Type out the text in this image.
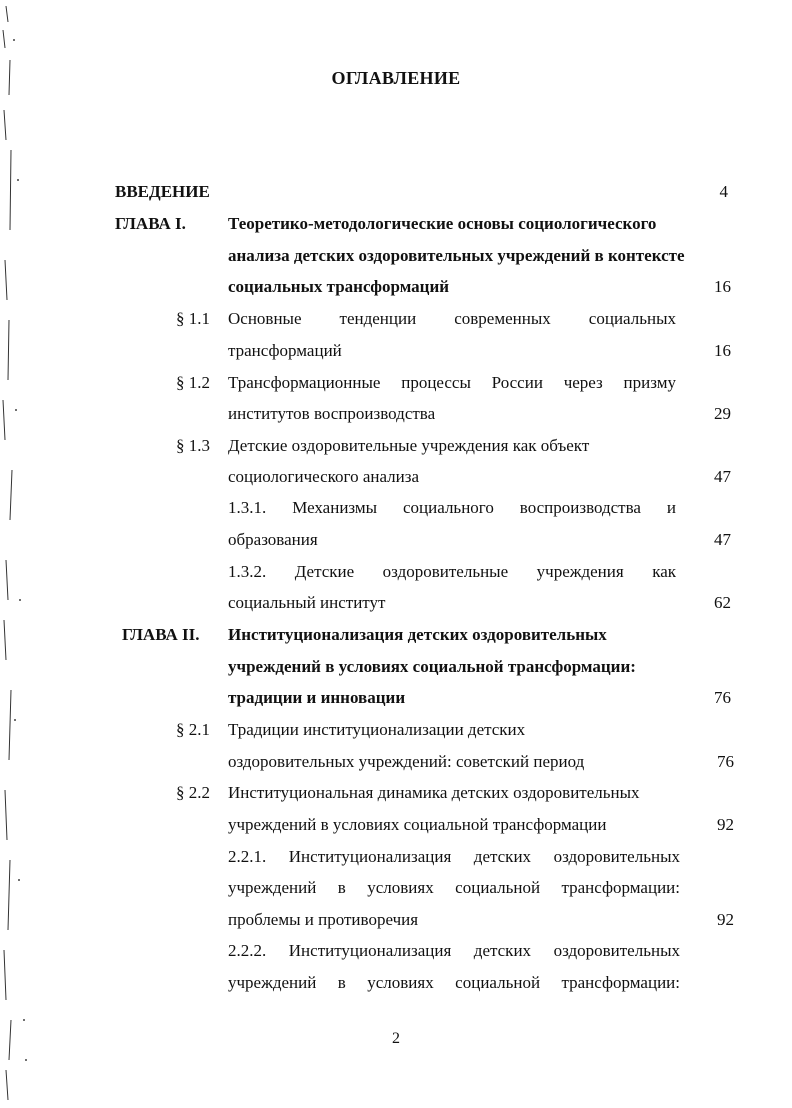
ОГЛАВЛЕНИЕ
ВВЕДЕНИЕ	4
ГЛАВА I. Теоретико-методологические основы социологического
анализа детских оздоровительных учреждений в контексте
социальных трансформаций	16
§ 1.1 Основные тенденции современных социальных
трансформаций	16
§ 1.2 Трансформационные процессы России через призму
институтов воспроизводства	29
§ 1.3 Детские оздоровительные учреждения как объект
социологического анализа	47
1.3.1. Механизмы социального воспроизводства и
образования	47
1.3.2. Детские оздоровительные учреждения как
социальный институт	62
ГЛАВА II. Институционализация детских оздоровительных
учреждений в условиях социальной трансформации:
традиции и инновации	76
§ 2.1 Традиции институционализации детских
оздоровительных учреждений: советский период	76
§ 2.2 Институциональная динамика детских оздоровительных
учреждений в условиях социальной трансформации	92
2.2.1. Институционализация детских оздоровительных
учреждений в условиях социальной трансформации:
проблемы и противоречия	92
2.2.2. Институционализация детских оздоровительных
учреждений в условиях социальной трансформации:
2
